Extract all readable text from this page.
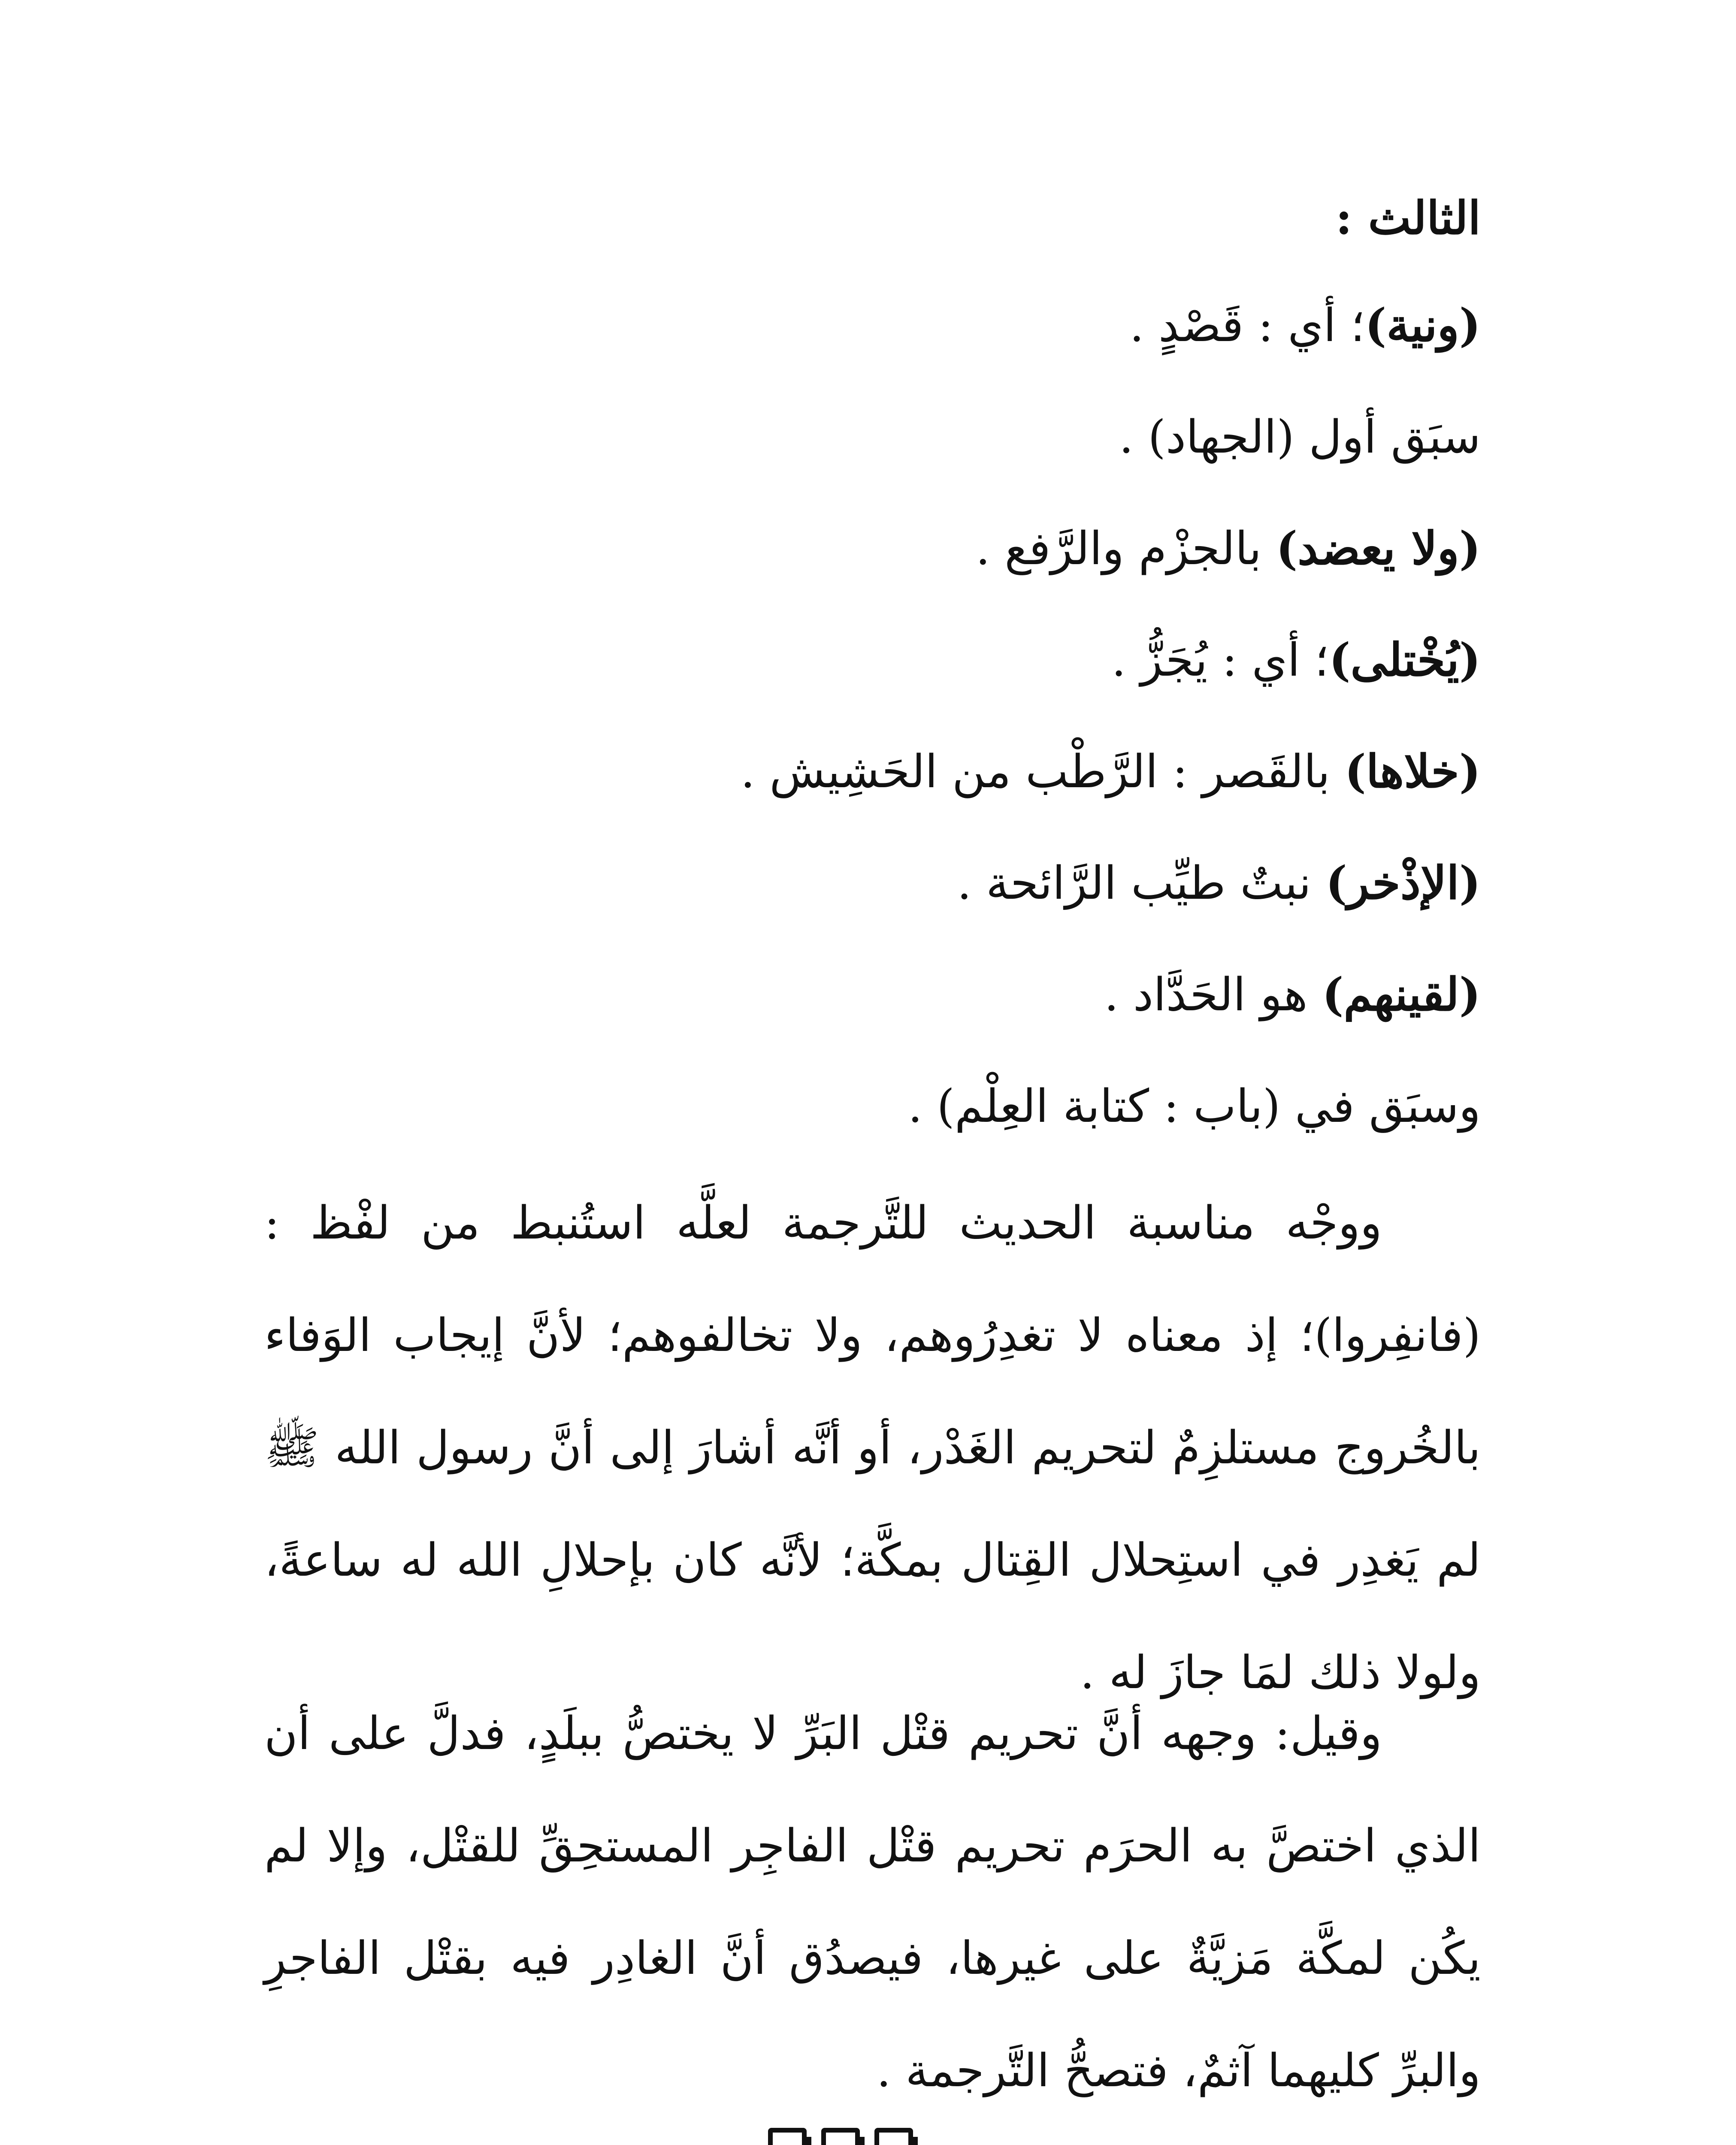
الثالث :
(ونية)؛ أي : قَصْدٍ .
سبَق أول (الجهاد) .
(ولا يعضد) بالجزْم والرَّفع .
(يُخْتلى)؛ أي : يُجَزُّ .
(خلاها) بالقَصر : الرَّطْب من الحَشِيش .
(الإذْخر) نبتٌ طيِّب الرَّائحة .
(لقينهم) هو الحَدَّاد .
وسبَق في (باب : كتابة العِلْم) .
ووجْه مناسبة الحديث للتَّرجمة لعلَّه استُنبط من لفْظ : (فانفِروا)؛ إذ معناه لا تغدِرُوهم، ولا تخالفوهم؛ لأنَّ إيجاب الوَفاء بالخُروج مستلزِمٌ لتحريم الغَدْر، أو أنَّه أشارَ إلى أنَّ رسول الله ﷺ لم يَغدِر في استِحلال القِتال بمكَّة؛ لأنَّه كان بإحلالِ الله له ساعةً، ولولا ذلك لمَا جازَ له .
وقيل: وجهه أنَّ تحريم قتْل البَرِّ لا يختصُّ ببلَدٍ، فدلَّ على أن الذي اختصَّ به الحرَم تحريم قتْل الفاجِر المستحِقِّ للقتْل، وإلا لم يكُن لمكَّة مَزيَّةٌ على غيرها، فيصدُق أنَّ الغادِر فيه بقتْل الفاجرِ والبرِّ كليهما آثمٌ، فتصحُّ التَّرجمة .
